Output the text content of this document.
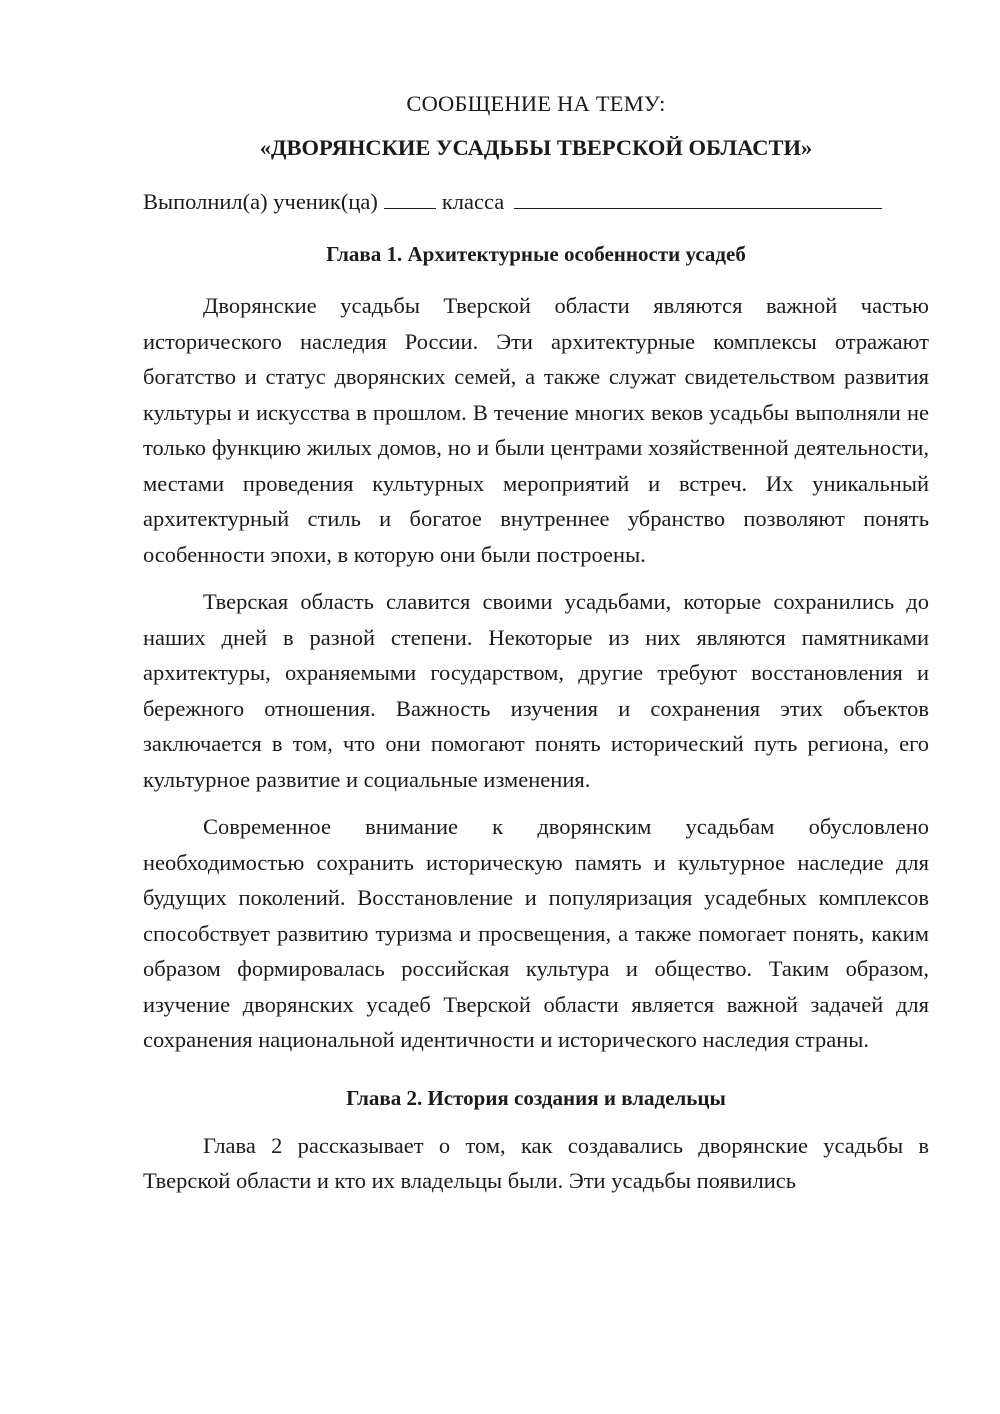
СООБЩЕНИЕ НА ТЕМУ:

«ДВОРЯНСКИЕ УСАДЬБЫ ТВЕРСКОЙ ОБЛАСТИ»

Выполнил(а) ученик(ца)	класса

Глава 1. Архитектурные особенности усадеб

Дворянские усадьбы Тверской области являются важной частью исторического наследия России. Эти архитектурные комплексы отражают богатство и статус дворянских семей, а также служат свидетельством развития культуры и искусства в прошлом. В течение многих веков усадьбы выполняли не только функцию жилых домов, но и были центрами хозяйственной деятельности, местами проведения культурных мероприятий и встреч. Их уникальный архитектурный стиль и богатое внутреннее убранство позволяют понять особенности эпохи, в которую они были построены.

Тверская область славится своими усадьбами, которые сохранились до наших дней в разной степени. Некоторые из них являются памятниками архитектуры, охраняемыми государством, другие требуют восстановления и бережного отношения. Важность изучения и сохранения этих объектов заключается в том, что они помогают понять исторический путь региона, его культурное развитие и социальные изменения.

Современное внимание к дворянским усадьбам обусловлено необходимостью сохранить историческую память и культурное наследие для будущих поколений. Восстановление и популяризация усадебных комплексов способствует развитию туризма и просвещения, а также помогает понять, каким образом формировалась российская культура и общество. Таким образом, изучение дворянских усадеб Тверской области является важной задачей для сохранения национальной идентичности и исторического наследия страны.

Глава 2. История создания и владельцы

Глава 2 рассказывает о том, как создавались дворянские усадьбы в Тверской области и кто их владельцы были. Эти усадьбы появились
